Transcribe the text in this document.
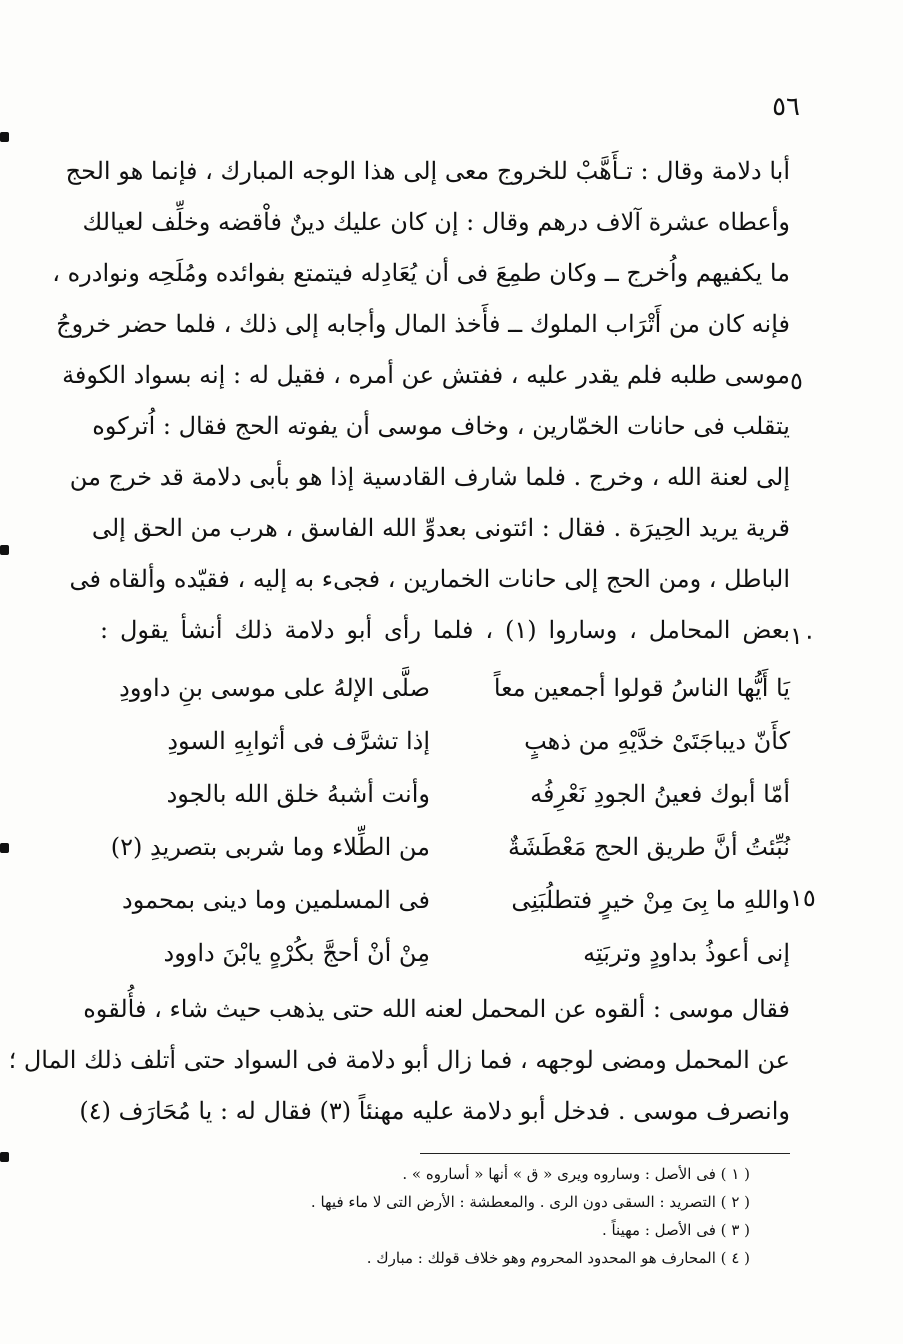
٥٦
أبا دلامة وقال : تـأَهَّبْ للخروج معى إلى هذا الوجه المبارك ، فإنما هو الحج
وأعطاه عشرة آلاف درهم وقال : إن كان عليك دينٌ فاْقضه وخلِّف لعيالك
ما يكفيهم واُخرج ــ وكان طمِعَ فى أن يُعَادِله فيتمتع بفوائده ومُلَحِه ونوادره ،
فإنه كان من أَتْرَاب الملوك ــ فأَخذ المال وأجابه إلى ذلك ، فلما حضر خروجُ
موسى طلبه فلم يقدر عليه ، ففتش عن أمره ، فقيل له : إنه بسواد الكوفة
يتقلب فى حانات الخمّارين ، وخاف موسى أن يفوته الحج فقال : اُتركوه
إلى لعنة الله ، وخرج . فلما شارف القادسية إذا هو بأبى دلامة قد خرج من
قرية يريد الحِيرَة . فقال : ائتونى بعدوِّ الله الفاسق ، هرب من الحق إلى
الباطل ، ومن الحج إلى حانات الخمارين ، فجىء به إليه ، فقيّده وألقاه فى
بعض المحامل ، وساروا (١) ، فلما رأى أبو دلامة ذلك أنشأ يقول :
يَا أَيُّها الناسُ قولوا أجمعين معاً
صلَّى الإلهُ على موسى بنِ داوودِ
كأَنّ ديباجَتَىْ خدَّيْهِ من ذهبٍ
إذا تشرَّف فى أثوابِهِ السودِ
أمّا أبوك فعينُ الجودِ نَعْرِفُه
وأنت أشبهُ خلق الله بالجود
نُبِّئتُ أنَّ طريق الحج مَعْطَشَةٌ
من الطِّلاء وما شربى بتصريدِ (٢)
واللهِ ما بِىَ مِنْ خيرٍ فتطلُبَنِى
فى المسلمين وما دينى بمحمود
إنى أعوذُ بداودٍ وتربَتِه
مِنْ أنْ أحجَّ بكُرْهٍ يابْنَ داوود
فقال موسى : ألقوه عن المحمل لعنه الله حتى يذهب حيث شاء ، فأُلقوه
عن المحمل ومضى لوجهه ، فما زال أبو دلامة فى السواد حتى أتلف ذلك المال ؛
وانصرف موسى . فدخل أبو دلامة عليه مهنئاً (٣) فقال له : يا مُحَارَف (٤)
٥
١٠
١٥
( ١ ) فى الأصل : وساروه ويرى « ق » أنها « أساروه » .
( ٢ ) التصريد : السقى دون الرى . والمعطشة : الأرض التى لا ماء فيها .
( ٣ ) فى الأصل : مهيناً .
( ٤ ) المحارف هو المحدود المحروم وهو خلاف قولك : مبارك .
